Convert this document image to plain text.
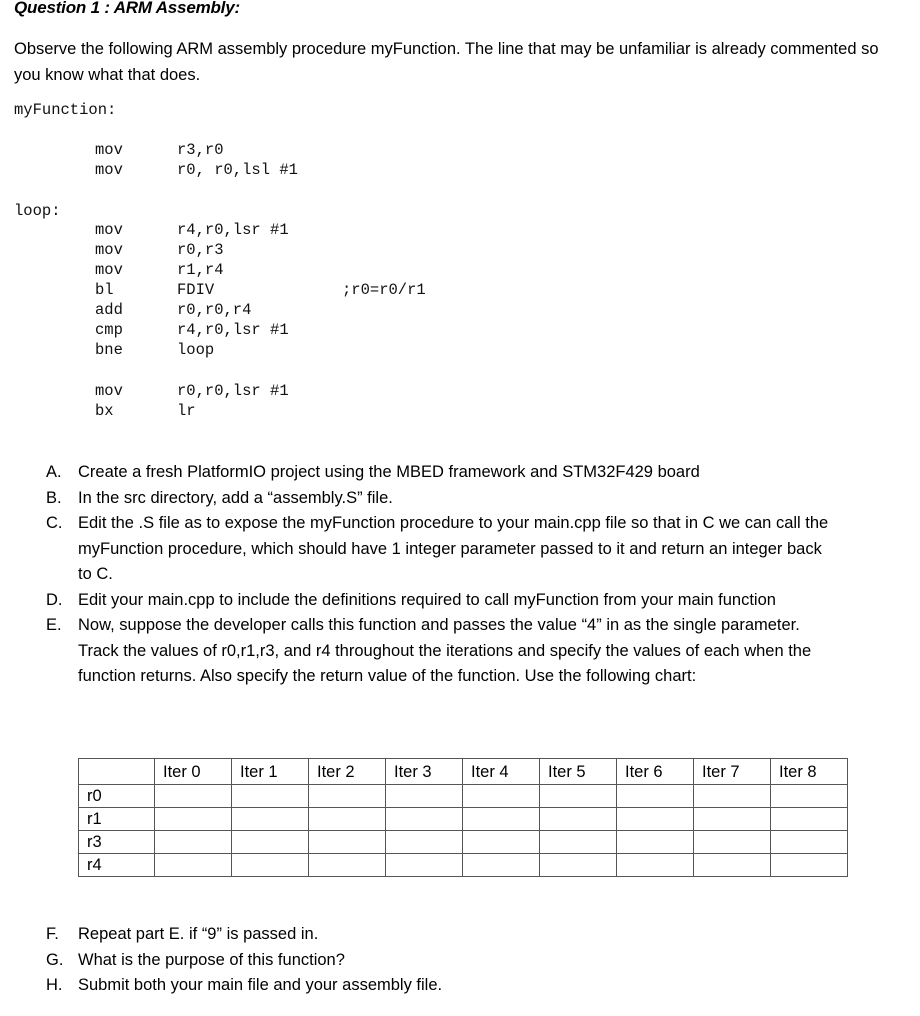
Question 1 : ARM Assembly:
Observe the following ARM assembly procedure myFunction. The line that may be unfamiliar is already commented so you know what that does.
myFunction:
loop:
mov	r3,r0
mov	r0, r0,lsl #1
mov	r4,r0,lsr #1
mov	r0,r3
mov	r1,r4
bl	FDIV	;r0=r0/r1
add	r0,r0,r4
cmp	r4,r0,lsr #1
bne	loop
mov	r0,r0,lsr #1
bx	lr
A. Create a fresh PlatformIO project using the MBED framework and STM32F429 board
B. In the src directory, add a “assembly.S” file.
C. Edit the .S file as to expose the myFunction procedure to your main.cpp file so that in C we can call the myFunction procedure, which should have 1 integer parameter passed to it and return an integer back to C.
D. Edit your main.cpp to include the definitions required to call myFunction from your main function
E. Now, suppose the developer calls this function and passes the value “4” in as the single parameter. Track the values of r0,r1,r3, and r4 throughout the iterations and specify the values of each when the function returns. Also specify the return value of the function. Use the following chart:
	Iter 0	Iter 1	Iter 2	Iter 3	Iter 4	Iter 5	Iter 6	Iter 7	Iter 8
r0									
r1									
r3									
r4									
F.	Repeat part E. if “9” is passed in.
G. What is the purpose of this function?
H. Submit both your main file and your assembly file.
